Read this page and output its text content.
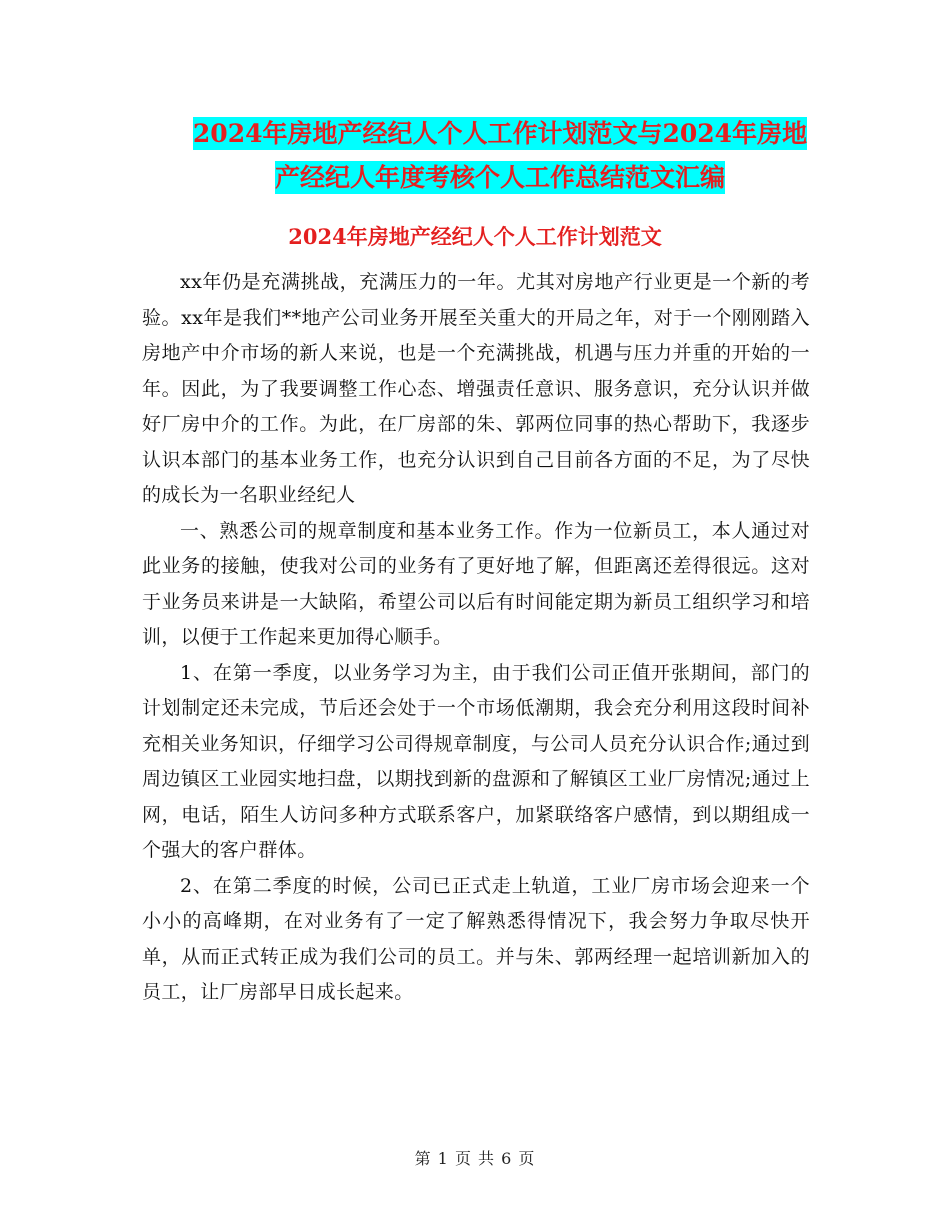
2024年房地产经纪人个人工作计划范文与2024年房地
产经纪人年度考核个人工作总结范文汇编
2024年房地产经纪人个人工作计划范文

xx年仍是充满挑战，充满压力的一年。尤其对房地产行业更是一个新的考验。xx年是我们**地产公司业务开展至关重大的开局之年，对于一个刚刚踏入房地产中介市场的新人来说，也是一个充满挑战，机遇与压力并重的开始的一年。因此，为了我要调整工作心态、增强责任意识、服务意识，充分认识并做好厂房中介的工作。为此，在厂房部的朱、郭两位同事的热心帮助下，我逐步认识本部门的基本业务工作，也充分认识到自己目前各方面的不足，为了尽快的成长为一名职业经纪人

一、熟悉公司的规章制度和基本业务工作。作为一位新员工，本人通过对此业务的接触，使我对公司的业务有了更好地了解，但距离还差得很远。这对于业务员来讲是一大缺陷，希望公司以后有时间能定期为新员工组织学习和培训，以便于工作起来更加得心顺手。

1、在第一季度，以业务学习为主，由于我们公司正值开张期间，部门的计划制定还未完成，节后还会处于一个市场低潮期，我会充分利用这段时间补充相关业务知识，仔细学习公司得规章制度，与公司人员充分认识合作;通过到周边镇区工业园实地扫盘，以期找到新的盘源和了解镇区工业厂房情况;通过上网，电话，陌生人访问多种方式联系客户，加紧联络客户感情，到以期组成一个强大的客户群体。

2、在第二季度的时候，公司已正式走上轨道，工业厂房市场会迎来一个小小的高峰期，在对业务有了一定了解熟悉得情况下，我会努力争取尽快开单，从而正式转正成为我们公司的员工。并与朱、郭两经理一起培训新加入的员工，让厂房部早日成长起来。

第 1 页 共 6 页
